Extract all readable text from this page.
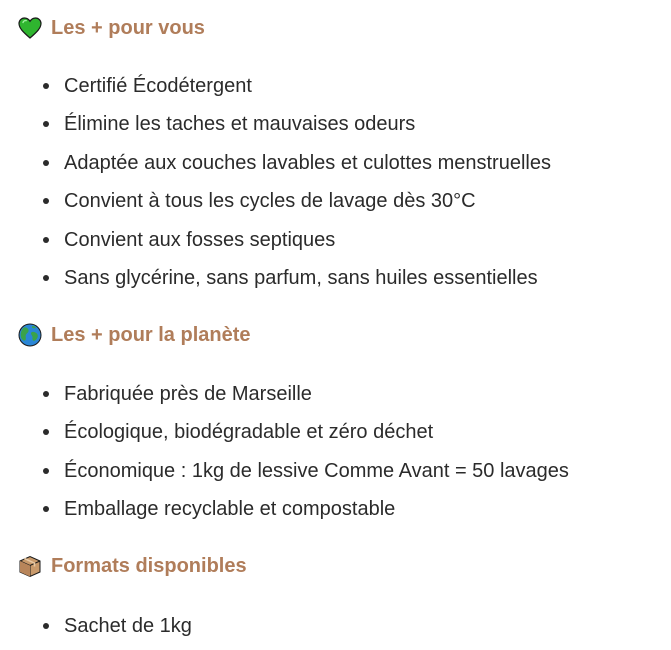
Les + pour vous
Certifié Écodétergent
Élimine les taches et mauvaises odeurs
Adaptée aux couches lavables et culottes menstruelles
Convient à tous les cycles de lavage dès 30°C
Convient aux fosses septiques
Sans glycérine, sans parfum, sans huiles essentielles
Les + pour la planète
Fabriquée près de Marseille
Écologique, biodégradable et zéro déchet
Économique : 1kg de lessive Comme Avant = 50 lavages
Emballage recyclable et compostable
Formats disponibles
Sachet de 1kg
